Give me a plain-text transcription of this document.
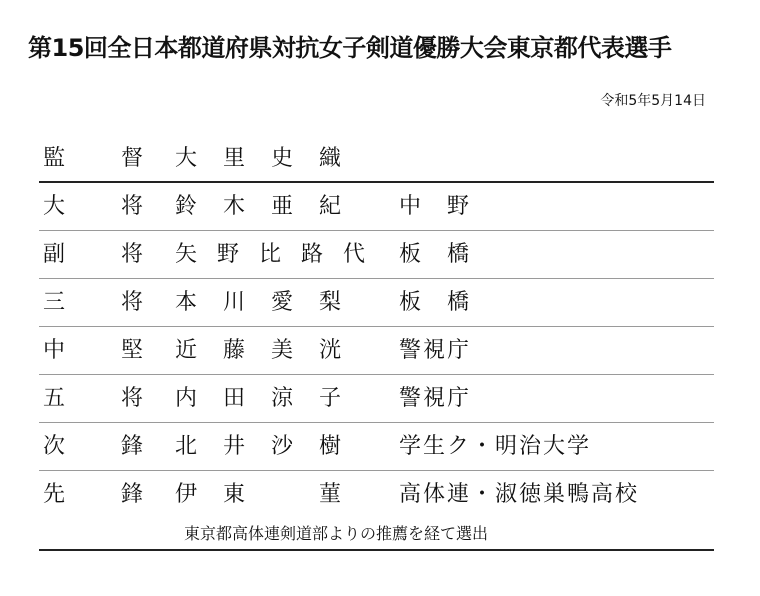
第15回全日本都道府県対抗女子剣道優勝大会東京都代表選手
令和5年5月14日
監	督 大里史織
大	将 鈴木亜紀 中野
副	将 矢野比路代 板橋
三	将 本川愛梨 板橋
中	堅 近藤美洸 警視庁
五	将 内田涼子 警視庁
次	鋒 北井沙樹 学生ク・明治大学
先	鋒 伊東　菫 高体連・淑徳巣鴨高校
東京都高体連剣道部よりの推薦を経て選出
